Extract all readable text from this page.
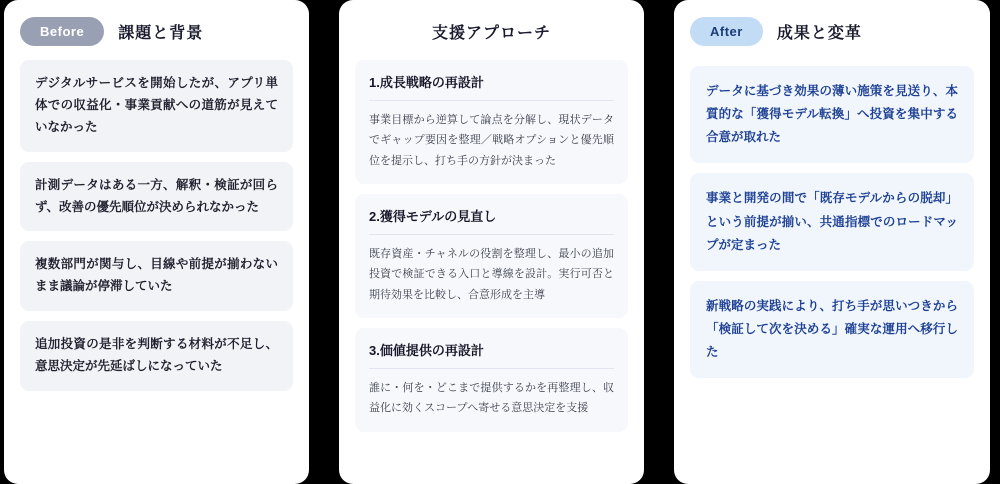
Before	課題と背景
デジタルサービスを開始したが、アプリ単体での収益化・事業貢献への道筋が見えていなかった
計測データはある一方、解釈・検証が回らず、改善の優先順位が決められなかった
複数部門が関与し、目線や前提が揃わないまま議論が停滞していた
追加投資の是非を判断する材料が不足し、意思決定が先延ばしになっていた
支援アプローチ
1.成長戦略の再設計
事業目標から逆算して論点を分解し、現状データでギャップ要因を整理／戦略オプションと優先順位を提示し、打ち手の方針が決まった
2.獲得モデルの見直し
既存資産・チャネルの役割を整理し、最小の追加投資で検証できる入口と導線を設計。実行可否と期待効果を比較し、合意形成を主導
3.価値提供の再設計
誰に・何を・どこまで提供するかを再整理し、収益化に効くスコープへ寄せる意思決定を支援
After	成果と変革
データに基づき効果の薄い施策を見送り、本質的な「獲得モデル転換」へ投資を集中する合意が取れた
事業と開発の間で「既存モデルからの脱却」という前提が揃い、共通指標でのロードマップが定まった
新戦略の実践により、打ち手が思いつきから「検証して次を決める」確実な運用へ移行した
